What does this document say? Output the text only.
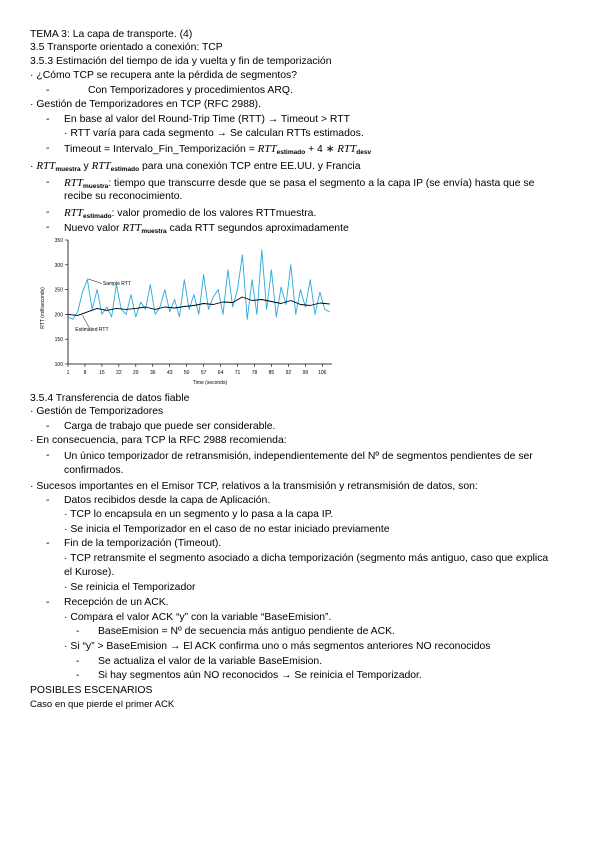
TEMA 3: La capa de transporte. (4)
3.5 Transporte orientado a conexión: TCP
3.5.3 Estimación del tiempo de ida y vuelta y fin de temporización
· ¿Cómo TCP se recupera ante la pérdida de segmentos?
-	Con Temporizadores y procedimientos ARQ.
· Gestión de Temporizadores en TCP (RFC 2988).
- En base al valor del Round-Trip Time (RTT) → Timeout > RTT
· RTT varía para cada segmento → Se calculan RTTs estimados.
- Timeout = Intervalo_Fin_Temporización = $RTT_{estimado} + 4$ ∗ $RTT_{desv}$
· $RTT_{muestra}$ y $RTT_{estimado}$ para una conexión TCP entre EE.UU. y Francia
- $RTT_{muestra}$: tiempo que transcurre desde que se pasa el segmento a la capa IP (se envía) hasta que se
recibe su reconocimiento.
- $RTT_{estimado}$: valor promedio de los valores RTTmuestra.
- Nuevo valor $RTT_{muestra}$ cada RTT segundos aproximadamente
100
150
200
250
300
350
1	8	15 22 29 36 43 50 57 64 71 78 85 92 99 106
Time (seconds)
RTT (milliseconds)
Sample RTT
Estimated RTT
3.5.4 Transferencia de datos fiable
· Gestión de Temporizadores
- Carga de trabajo que puede ser considerable.
· En consecuencia, para TCP la RFC 2988 recomienda:
- Un único temporizador de retransmisión, independientemente del Nº de segmentos pendientes de ser confirmados.
· Sucesos importantes en el Emisor TCP, relativos a la transmisión y retransmisión de datos, son:
- Datos recibidos desde la capa de Aplicación.
· TCP lo encapsula en un segmento y lo pasa a la capa IP.
· Se inicia el Temporizador en el caso de no estar iniciado previamente
- Fin de la temporización (Timeout).
· TCP retransmite el segmento asociado a dicha temporización (segmento más antiguo, caso que explica el Kurose).
· Se reinicia el Temporizador
- Recepción de un ACK.
· Compara el valor ACK “y” con la variable “BaseEmision”.
- BaseEmision = Nº de secuencia más antiguo pendiente de ACK.
· Si “y” > BaseEmision → El ACK confirma uno o más segmentos anteriores NO reconocidos
- Se actualiza el valor de la variable BaseEmision.
- Si hay segmentos aún NO reconocidos → Se reinicia el Temporizador.
POSIBLES ESCENARIOS
Caso en que pierde el primer ACK
